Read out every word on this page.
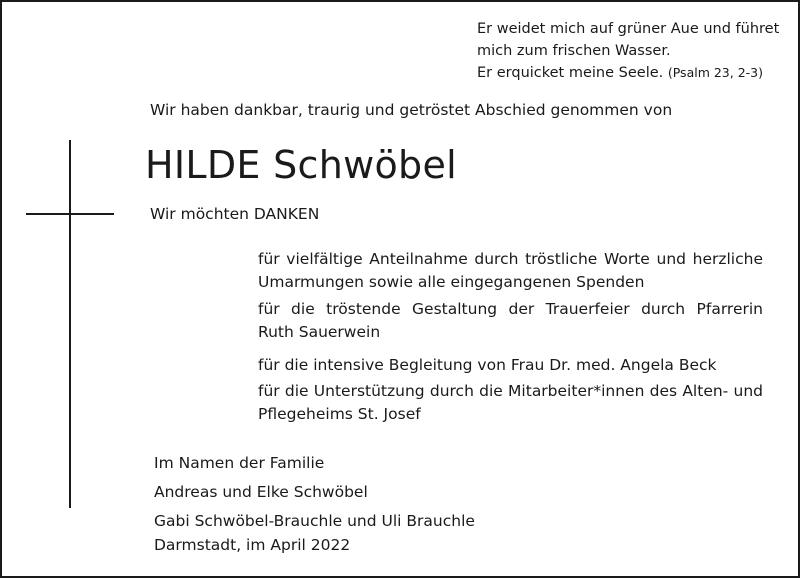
Er weidet mich auf grüner Aue und führet
mich zum frischen Wasser.
Er erquicket meine Seele. (Psalm 23, 2-3)
Wir haben dankbar, traurig und getröstet Abschied genommen von
HILDE Schwöbel
Wir möchten DANKEN
für vielfältige Anteilnahme durch tröstliche Worte und herzliche
Umarmungen sowie alle eingegangenen Spenden
für die tröstende Gestaltung der Trauerfeier durch Pfarrerin
Ruth Sauerwein
für die intensive Begleitung von Frau Dr. med. Angela Beck
für die Unterstützung durch die Mitarbeiter*innen des Alten- und
Pflegeheims St. Josef
Im Namen der Familie
Andreas und Elke Schwöbel
Gabi Schwöbel-Brauchle und Uli Brauchle
Darmstadt, im April 2022
